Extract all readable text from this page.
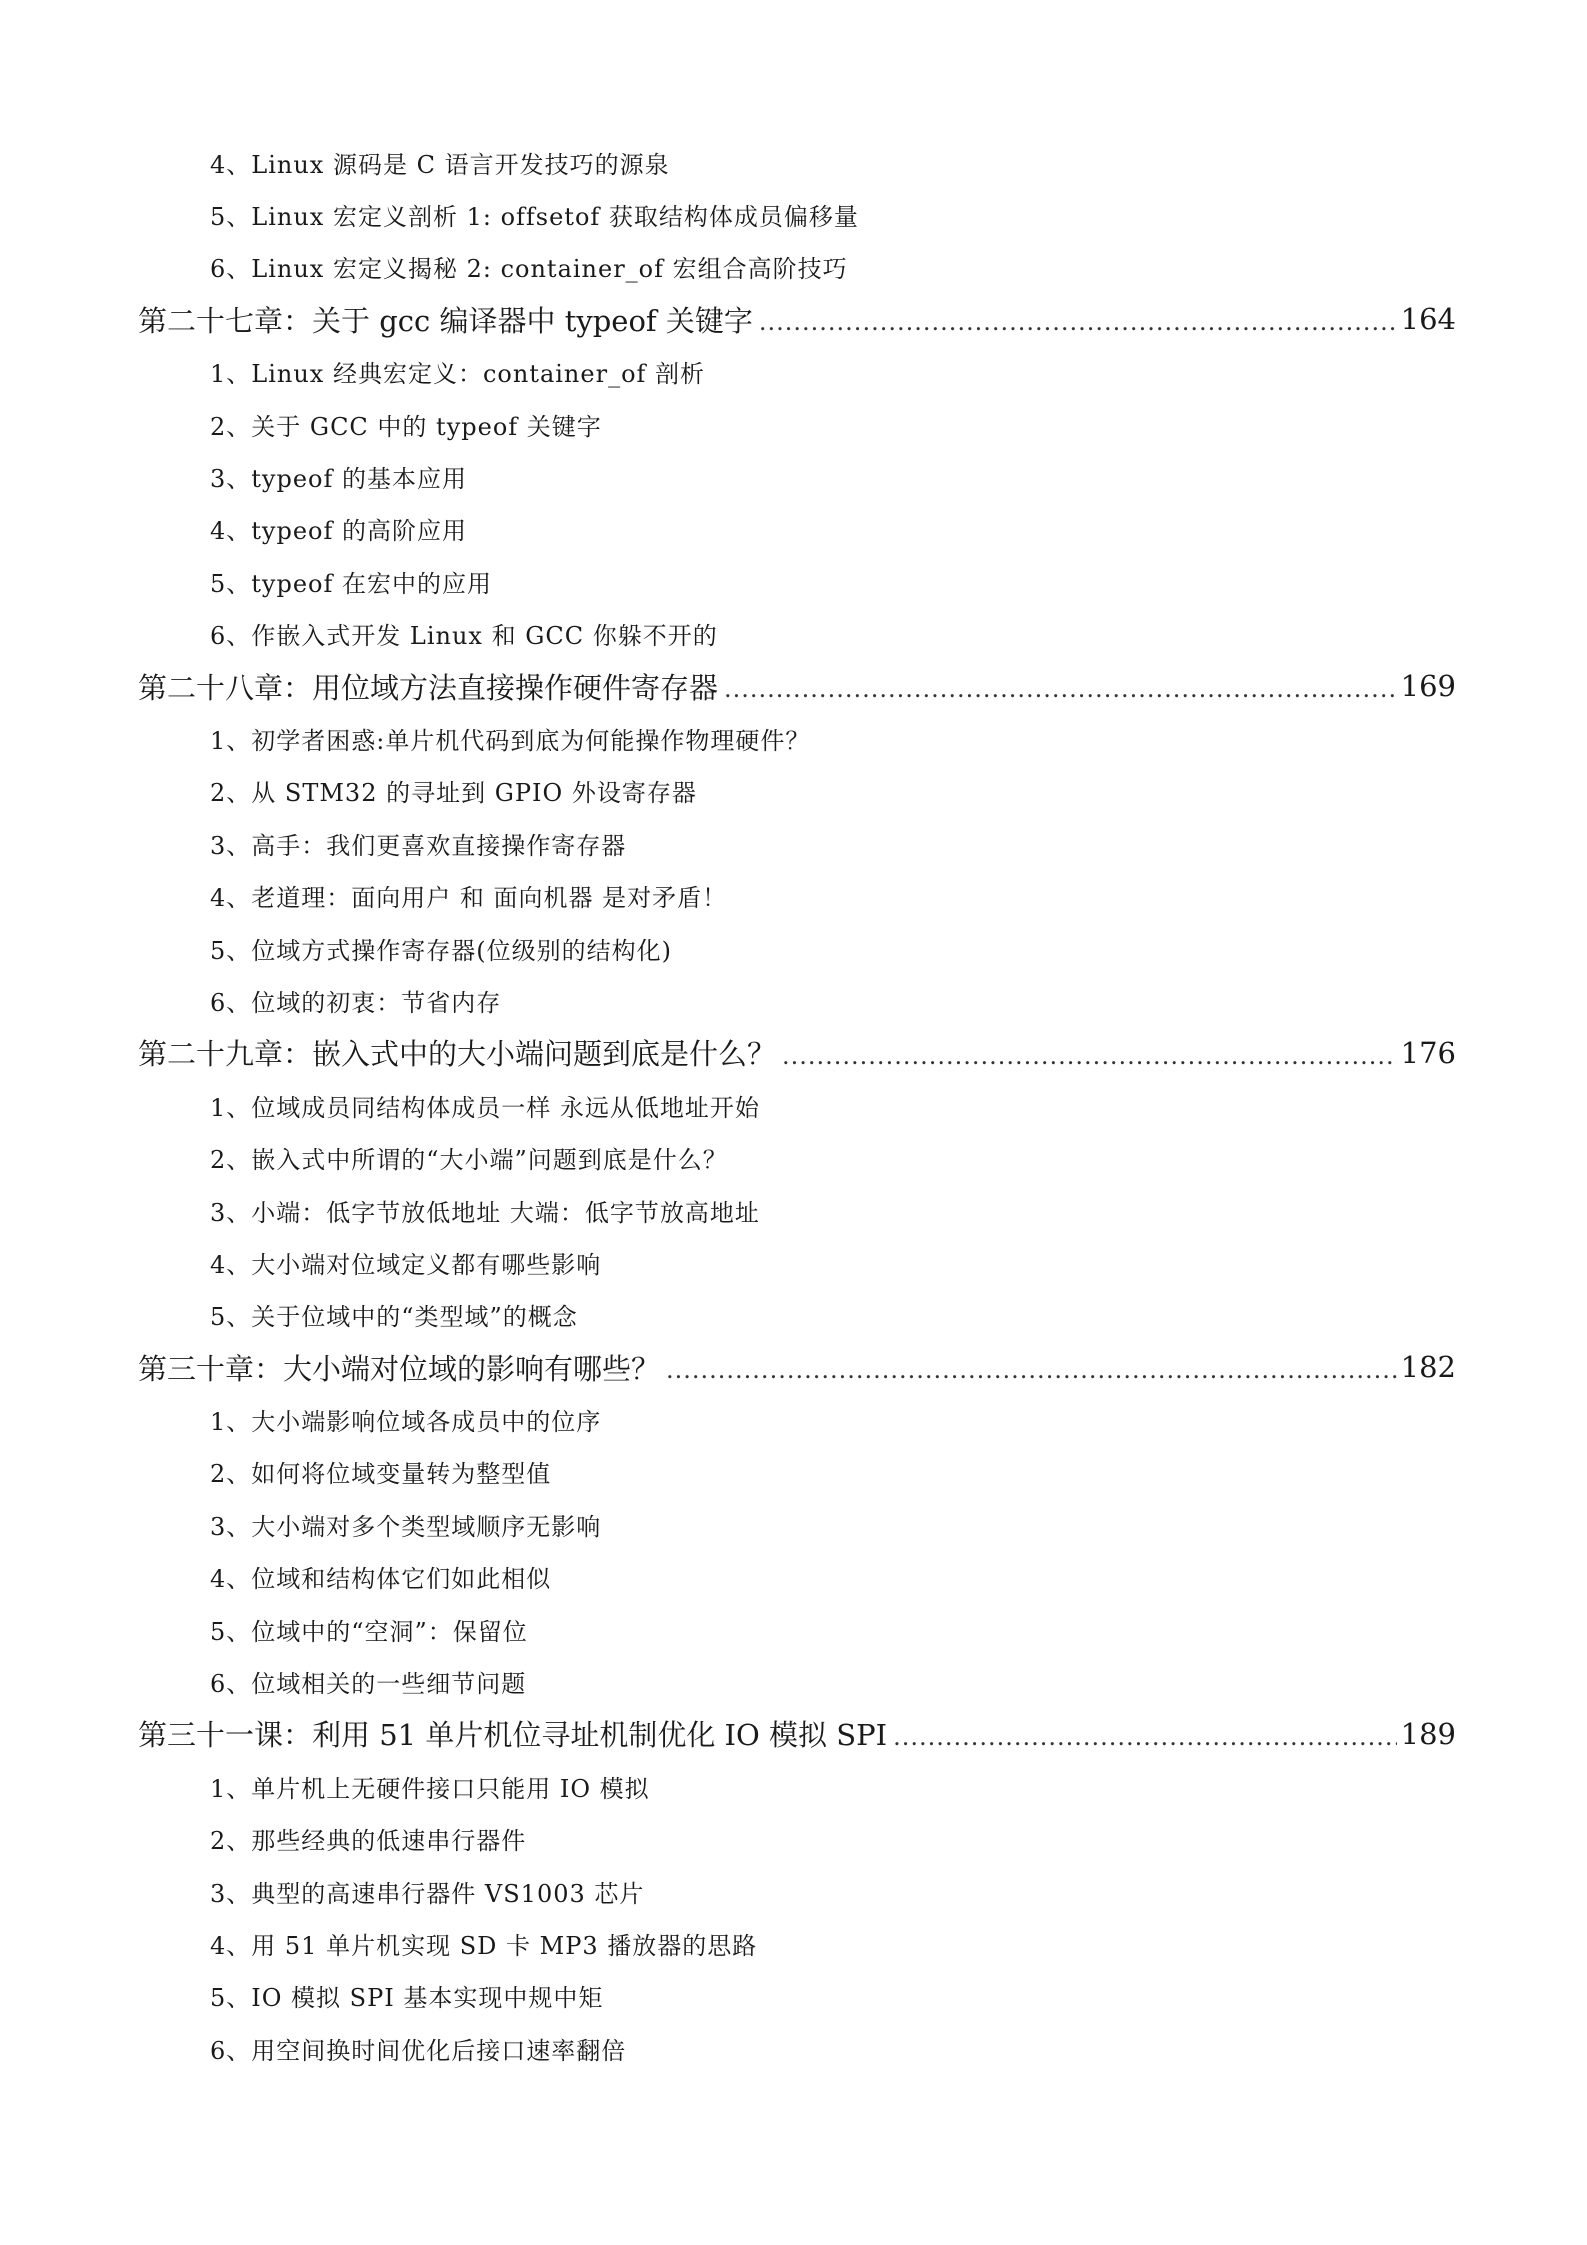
4、Linux 源码是 C 语言开发技巧的源泉
5、Linux 宏定义剖析 1: offsetof 获取结构体成员偏移量
6、Linux 宏定义揭秘 2: container_of 宏组合高阶技巧
第二十七章：关于 gcc 编译器中 typeof 关键字 .....	164
1、Linux 经典宏定义：container_of 剖析
2、关于 GCC 中的 typeof 关键字
3、typeof 的基本应用
4、typeof 的高阶应用
5、typeof 在宏中的应用
6、作嵌入式开发 Linux 和 GCC 你躲不开的
第二十八章：用位域方法直接操作硬件寄存器 .....	169
1、初学者困惑:单片机代码到底为何能操作物理硬件？
2、从 STM32 的寻址到 GPIO 外设寄存器
3、高手：我们更喜欢直接操作寄存器
4、老道理：面向用户 和 面向机器 是对矛盾！
5、位域方式操作寄存器(位级别的结构化)
6、位域的初衷：节省内存
第二十九章：嵌入式中的大小端问题到底是什么？ .....	176
1、位域成员同结构体成员一样 永远从低地址开始
2、嵌入式中所谓的“大小端”问题到底是什么？
3、小端：低字节放低地址 大端：低字节放高地址
4、大小端对位域定义都有哪些影响
5、关于位域中的“类型域”的概念
第三十章：大小端对位域的影响有哪些？ .....	182
1、大小端影响位域各成员中的位序
2、如何将位域变量转为整型值
3、大小端对多个类型域顺序无影响
4、位域和结构体它们如此相似
5、位域中的“空洞”：保留位
6、位域相关的一些细节问题
第三十一课：利用 51 单片机位寻址机制优化 IO 模拟 SPI .....	189
1、单片机上无硬件接口只能用 IO 模拟
2、那些经典的低速串行器件
3、典型的高速串行器件 VS1003 芯片
4、用 51 单片机实现 SD 卡 MP3 播放器的思路
5、IO 模拟 SPI 基本实现中规中矩
6、用空间换时间优化后接口速率翻倍
